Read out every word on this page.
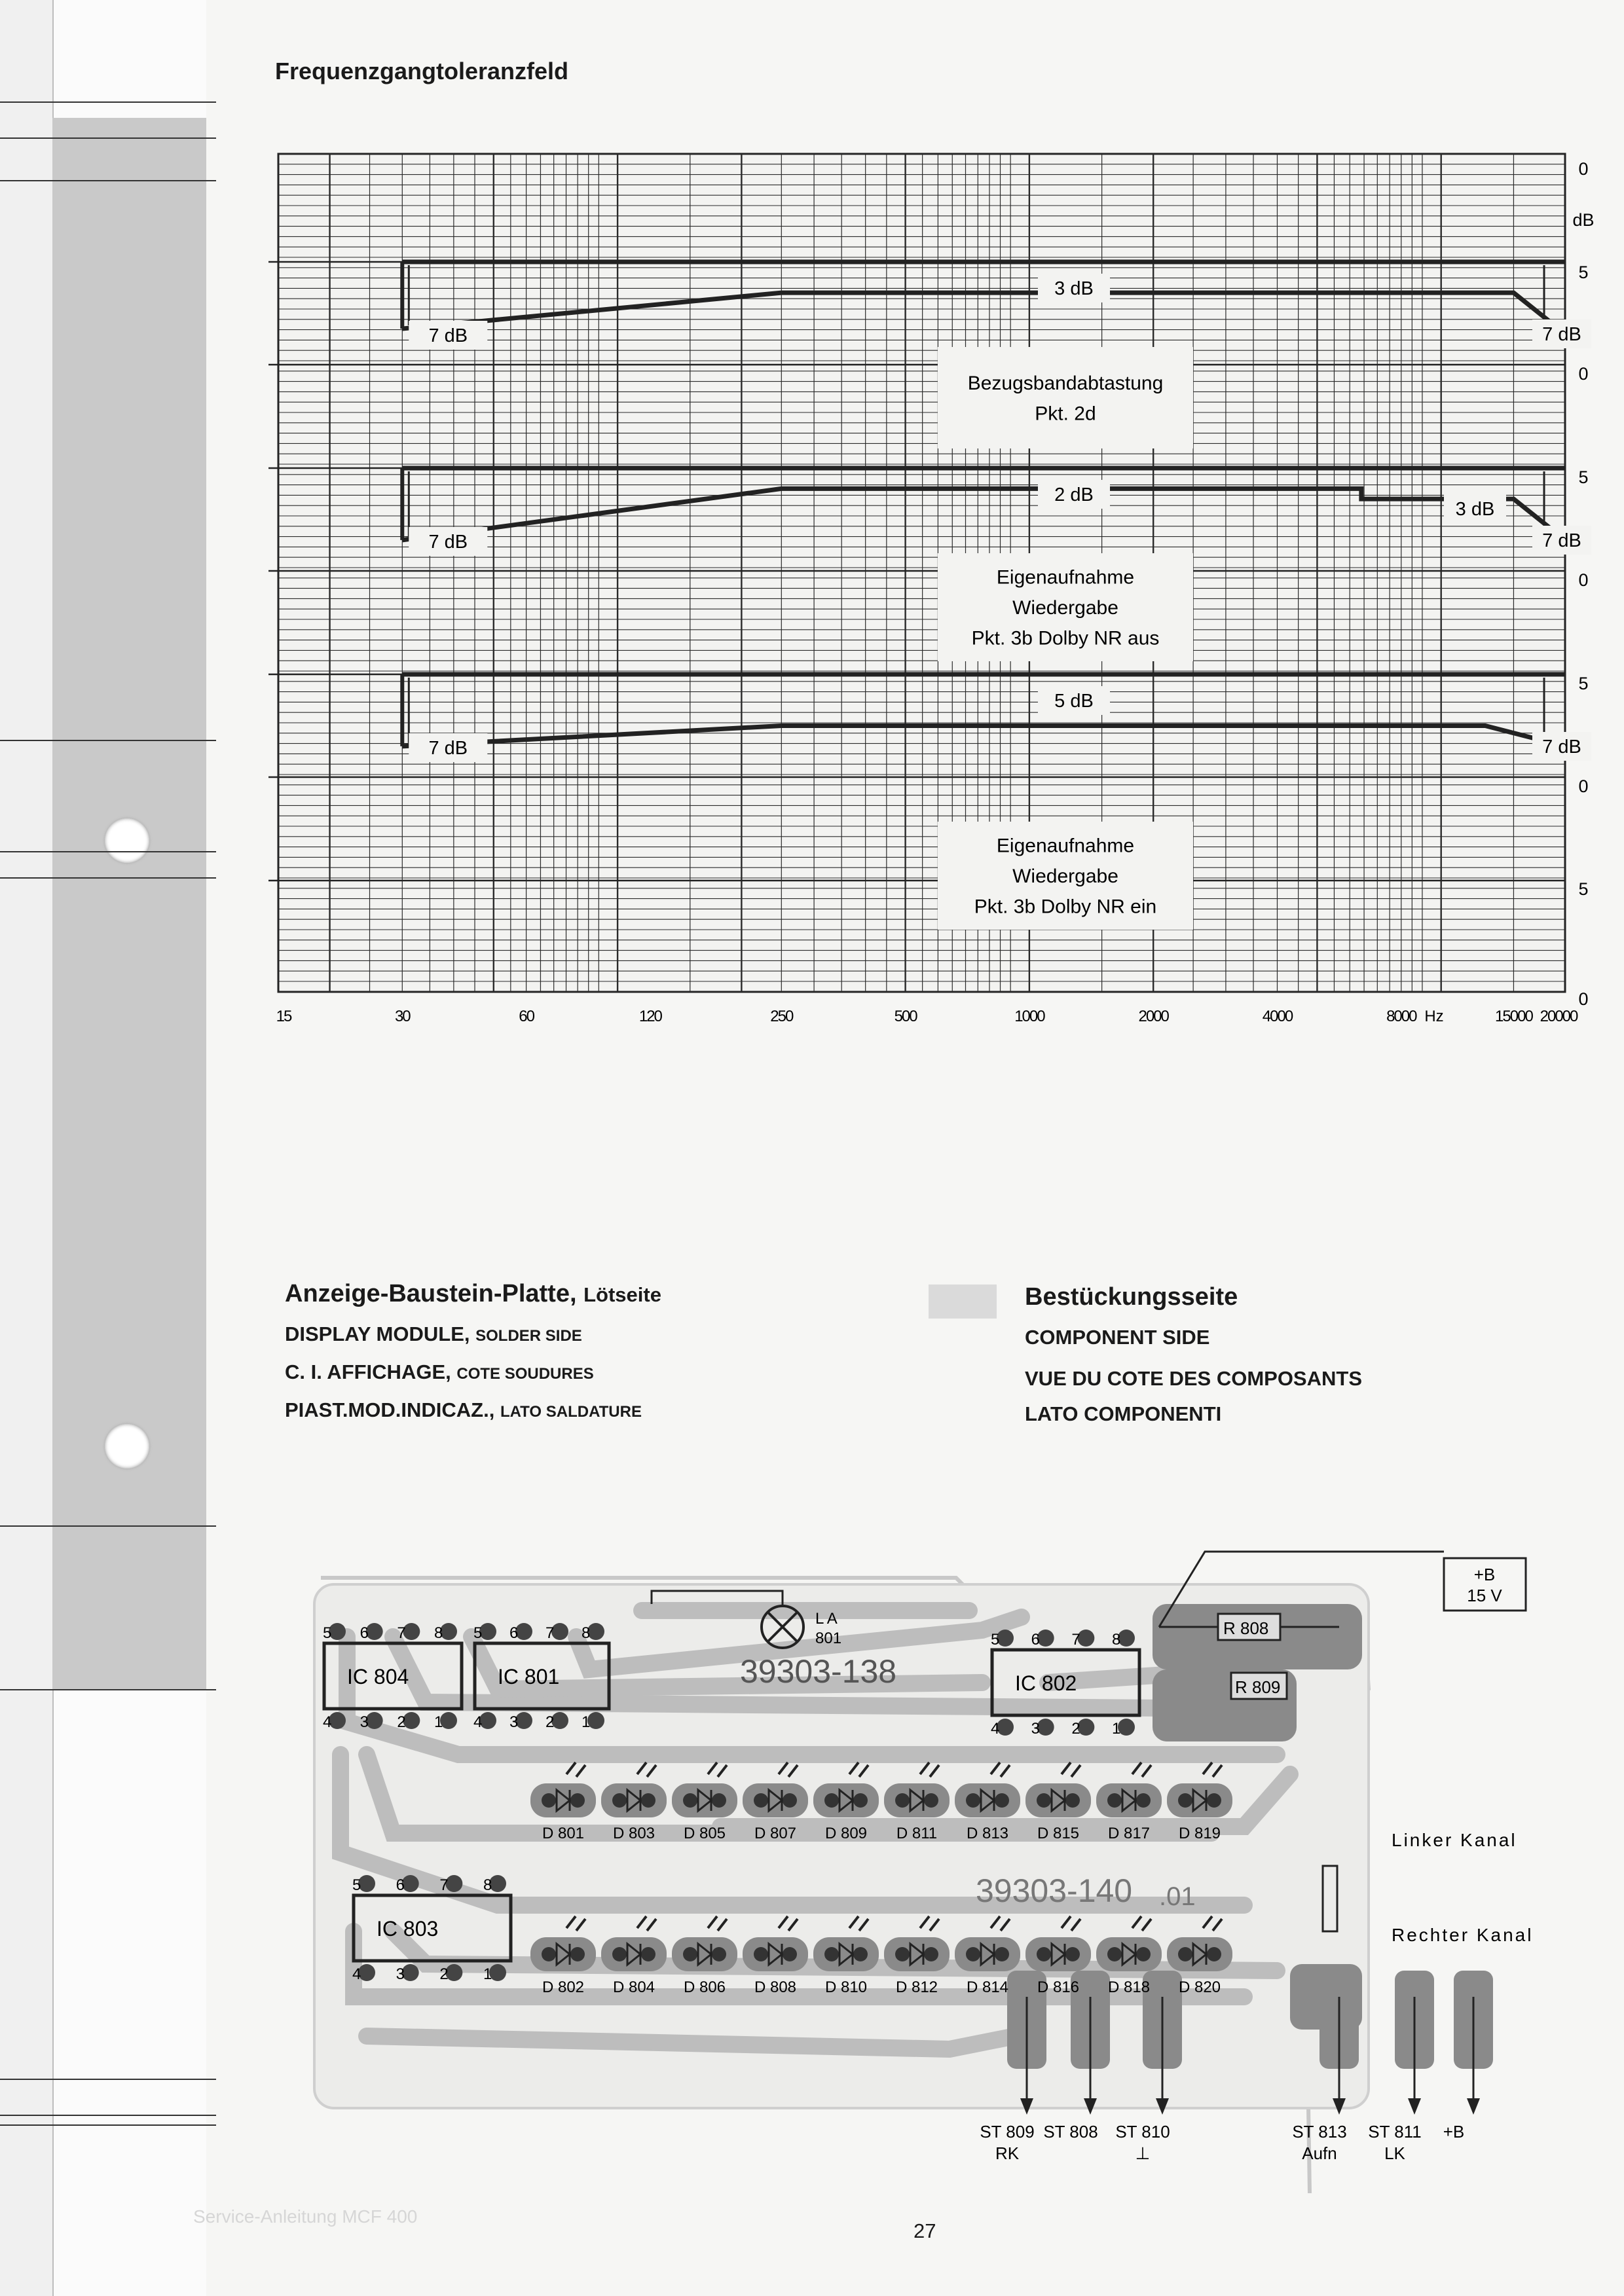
Frequenzgangtoleranzfeld
15	30	60	120	250	500	1000	2000	4000	8000	15000 20000
Hz
0
5
0
5
0
5
0
5
0
dB
7 dB	7 dB
3 dB
Bezugsbandabtastung
Pkt. 2d
7 dB	7 dB
2 dB
3 dB
Eigenaufnahme
Wiedergabe
Pkt. 3b Dolby NR aus
7 dB	7 dB
5 dB
Eigenaufnahme
Wiedergabe
Pkt. 3b Dolby NR ein
Anzeige-Baustein-Platte, Lötseite
DISPLAY MODULE, SOLDER SIDE
C. I. AFFICHAGE, COTE SOUDURES
PIAST.MOD.INDICAZ., LATO SALDATURE
Bestückungsseite
COMPONENT SIDE
VUE DU COTE DES COMPOSANTS
LATO COMPONENTI
39303-138
39303-140 .01
IC 804
5
4
6
3
7
2
8
1
IC 801
5
4
6
3
7
2
8
1
IC 802
5
4
6
3
7
2
8
1
IC 803
5
4
6
3
7
2
8
1
L A
801
R 808
R 809
+B
15 V
D 801 D 803 D 805 D 807 D 809 D 811 D 813 D 815 D 817 D 819
D 802 D 804 D 806 D 808 D 810 D 812 D 814 D 816 D 818 D 820
Linker Kanal
Rechter Kanal
ST 809
RK
ST 808 ST 810
⊥
ST 813
Aufn
ST 811
LK
+B
Service-Anleitung MCF 400
27
